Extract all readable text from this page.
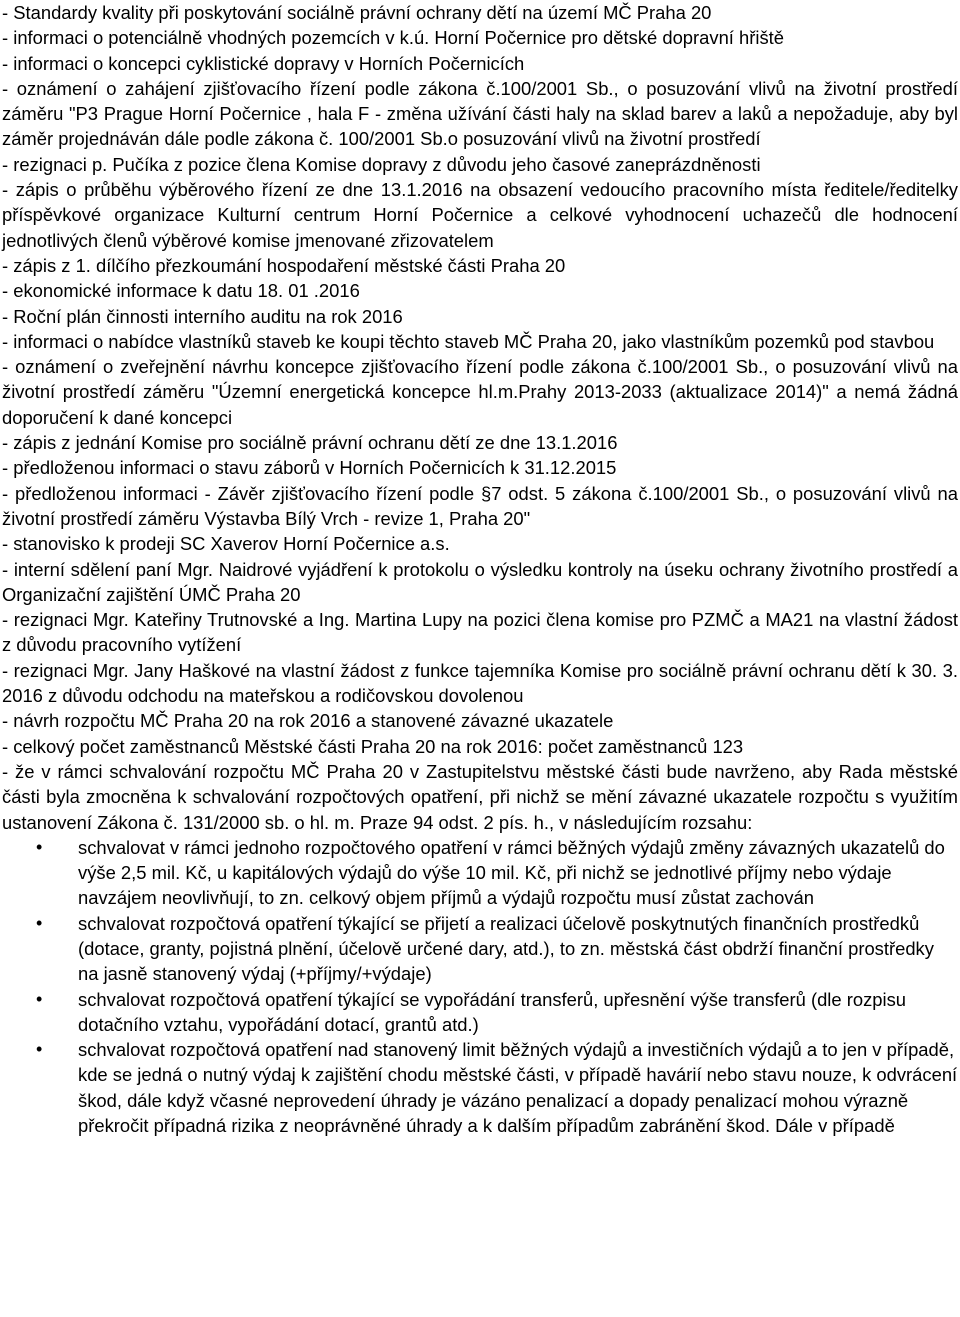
- Standardy kvality při poskytování sociálně právní ochrany dětí na území MČ Praha 20
- informaci o potenciálně vhodných pozemcích v k.ú. Horní Počernice pro dětské dopravní hřiště
- informaci o koncepci cyklistické dopravy v Horních Počernicích
- oznámení o zahájení zjišťovacího řízení podle zákona č.100/2001 Sb., o posuzování vlivů na životní prostředí záměru "P3 Prague Horní Počernice , hala F - změna užívání části haly na sklad barev a laků a nepožaduje, aby byl záměr projednáván dále podle zákona č. 100/2001 Sb.o posuzování vlivů na životní prostředí
- rezignaci p. Pučíka z pozice člena Komise dopravy z důvodu jeho časové zaneprázdněnosti
- zápis o průběhu výběrového řízení ze dne 13.1.2016 na obsazení vedoucího pracovního místa ředitele/ředitelky příspěvkové organizace Kulturní centrum Horní Počernice a celkové vyhodnocení uchazečů dle hodnocení jednotlivých členů výběrové komise jmenované zřizovatelem
- zápis z 1. dílčího přezkoumání hospodaření městské části Praha 20
- ekonomické informace k datu 18. 01 .2016
- Roční plán činnosti interního auditu na rok 2016
- informaci o nabídce vlastníků staveb ke koupi těchto staveb MČ Praha 20, jako vlastníkům pozemků pod stavbou
- oznámení o zveřejnění návrhu koncepce zjišťovacího řízení podle zákona č.100/2001 Sb., o posuzování vlivů na životní prostředí záměru "Územní energetická koncepce hl.m.Prahy 2013-2033 (aktualizace 2014)" a nemá žádná doporučení k dané koncepci
- zápis z jednání Komise pro sociálně právní ochranu dětí ze dne 13.1.2016
- předloženou informaci o stavu záborů v Horních Počernicích k 31.12.2015
- předloženou informaci - Závěr zjišťovacího řízení podle §7 odst. 5 zákona č.100/2001 Sb., o posuzování vlivů na životní prostředí záměru Výstavba Bílý Vrch - revize 1, Praha 20"
- stanovisko k prodeji SC Xaverov Horní Počernice a.s.
- interní sdělení paní Mgr. Naidrové vyjádření k protokolu o výsledku kontroly na úseku ochrany životního prostředí a Organizační zajištění ÚMČ Praha 20
- rezignaci Mgr. Kateřiny Trutnovské a Ing. Martina Lupy na pozici člena komise pro PZMČ a MA21 na vlastní žádost z důvodu pracovního vytížení
- rezignaci Mgr. Jany Haškové na vlastní žádost z funkce tajemníka Komise pro sociálně právní ochranu dětí k 30. 3. 2016 z důvodu odchodu na mateřskou a rodičovskou dovolenou
- návrh rozpočtu MČ Praha 20 na rok 2016 a stanovené závazné ukazatele
- celkový počet zaměstnanců Městské části Praha 20 na rok 2016: počet zaměstnanců 123
- že v rámci schvalování rozpočtu MČ Praha 20 v Zastupitelstvu městské části bude navrženo, aby Rada městské části byla zmocněna k schvalování rozpočtových opatření, při nichž se mění závazné ukazatele rozpočtu s využitím ustanovení Zákona č. 131/2000 sb. o hl. m. Praze 94 odst. 2 pís. h., v následujícím rozsahu:
• schvalovat v rámci jednoho rozpočtového opatření v rámci běžných výdajů změny závazných ukazatelů do výše 2,5 mil. Kč, u kapitálových výdajů do výše 10 mil. Kč, při nichž se jednotlivé příjmy nebo výdaje navzájem neovlivňují, to zn. celkový objem příjmů a výdajů rozpočtu musí zůstat zachován
• schvalovat rozpočtová opatření týkající se přijetí a realizaci účelově poskytnutých finančních prostředků (dotace, granty, pojistná plnění, účelově určené dary, atd.), to zn. městská část obdrží finanční prostředky na jasně stanovený výdaj (+příjmy/+výdaje)
• schvalovat rozpočtová opatření týkající se vypořádání transferů, upřesnění výše transferů (dle rozpisu dotačního vztahu, vypořádání dotací, grantů atd.)
• schvalovat rozpočtová opatření nad stanovený limit běžných výdajů a investičních výdajů a to jen v případě, kde se jedná o nutný výdaj k zajištění chodu městské části, v případě havárií nebo stavu nouze, k odvrácení škod, dále když včasné neprovedení úhrady je vázáno penalizací a dopady penalizací mohou výrazně překročit případná rizika z neoprávněné úhrady a k dalším případům zabránění škod. Dále v případě
